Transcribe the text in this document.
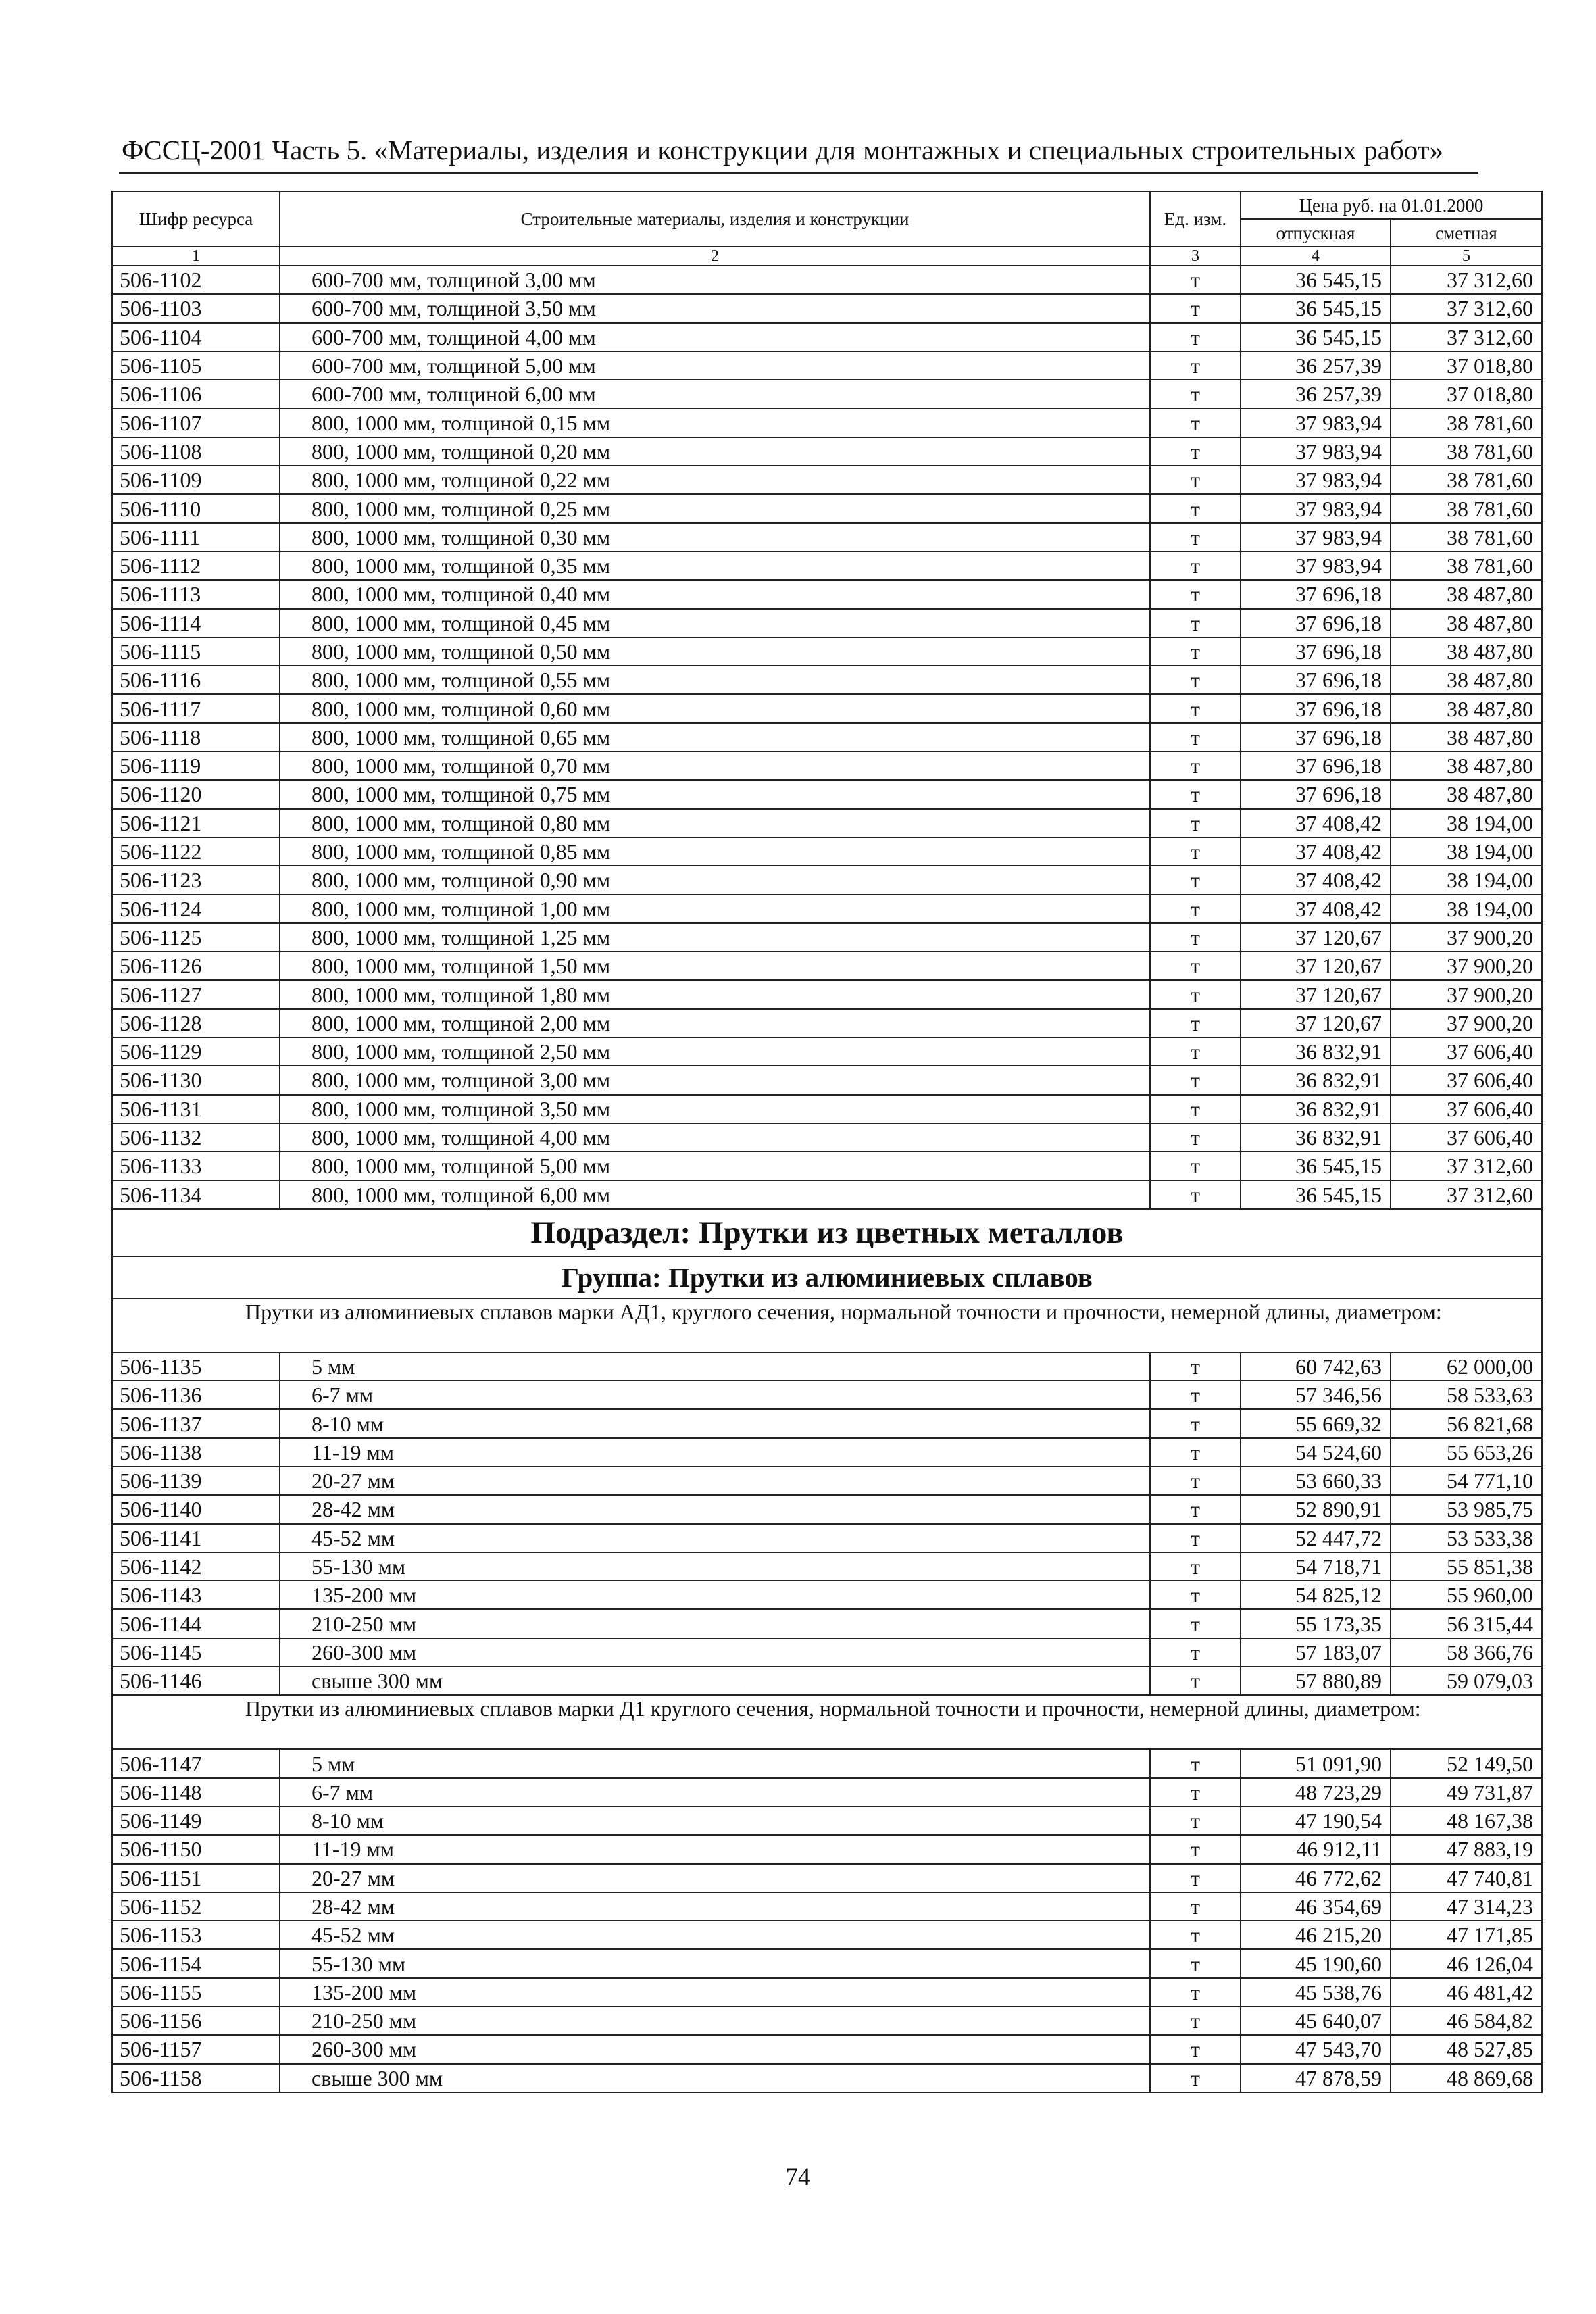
ФССЦ-2001 Часть 5. «Материалы, изделия и конструкции для монтажных и специальных строительных работ»
Шифр ресурса	Строительные материалы, изделия и конструкции	Ед. изм.	Цена руб. на 01.01.2000	
			отпускная	сметная
1	2	3	4	5
506-1102	600-700 мм, толщиной 3,00 мм	т	36 545,15	37 312,60
506-1103	600-700 мм, толщиной 3,50 мм	т	36 545,15	37 312,60
506-1104	600-700 мм, толщиной 4,00 мм	т	36 545,15	37 312,60
506-1105	600-700 мм, толщиной 5,00 мм	т	36 257,39	37 018,80
506-1106	600-700 мм, толщиной 6,00 мм	т	36 257,39	37 018,80
506-1107	800, 1000 мм, толщиной 0,15 мм	т	37 983,94	38 781,60
506-1108	800, 1000 мм, толщиной 0,20 мм	т	37 983,94	38 781,60
506-1109	800, 1000 мм, толщиной 0,22 мм	т	37 983,94	38 781,60
506-1110	800, 1000 мм, толщиной 0,25 мм	т	37 983,94	38 781,60
506-1111	800, 1000 мм, толщиной 0,30 мм	т	37 983,94	38 781,60
506-1112	800, 1000 мм, толщиной 0,35 мм	т	37 983,94	38 781,60
506-1113	800, 1000 мм, толщиной 0,40 мм	т	37 696,18	38 487,80
506-1114	800, 1000 мм, толщиной 0,45 мм	т	37 696,18	38 487,80
506-1115	800, 1000 мм, толщиной 0,50 мм	т	37 696,18	38 487,80
506-1116	800, 1000 мм, толщиной 0,55 мм	т	37 696,18	38 487,80
506-1117	800, 1000 мм, толщиной 0,60 мм	т	37 696,18	38 487,80
506-1118	800, 1000 мм, толщиной 0,65 мм	т	37 696,18	38 487,80
506-1119	800, 1000 мм, толщиной 0,70 мм	т	37 696,18	38 487,80
506-1120	800, 1000 мм, толщиной 0,75 мм	т	37 696,18	38 487,80
506-1121	800, 1000 мм, толщиной 0,80 мм	т	37 408,42	38 194,00
506-1122	800, 1000 мм, толщиной 0,85 мм	т	37 408,42	38 194,00
506-1123	800, 1000 мм, толщиной 0,90 мм	т	37 408,42	38 194,00
506-1124	800, 1000 мм, толщиной 1,00 мм	т	37 408,42	38 194,00
506-1125	800, 1000 мм, толщиной 1,25 мм	т	37 120,67	37 900,20
506-1126	800, 1000 мм, толщиной 1,50 мм	т	37 120,67	37 900,20
506-1127	800, 1000 мм, толщиной 1,80 мм	т	37 120,67	37 900,20
506-1128	800, 1000 мм, толщиной 2,00 мм	т	37 120,67	37 900,20
506-1129	800, 1000 мм, толщиной 2,50 мм	т	36 832,91	37 606,40
506-1130	800, 1000 мм, толщиной 3,00 мм	т	36 832,91	37 606,40
506-1131	800, 1000 мм, толщиной 3,50 мм	т	36 832,91	37 606,40
506-1132	800, 1000 мм, толщиной 4,00 мм	т	36 832,91	37 606,40
506-1133	800, 1000 мм, толщиной 5,00 мм	т	36 545,15	37 312,60
506-1134	800, 1000 мм, толщиной 6,00 мм	т	36 545,15	37 312,60
Подраздел: Прутки из цветных металлов				
Группа: Прутки из алюминиевых сплавов				
Прутки из алюминиевых сплавов марки АД1, круглого сечения, нормальной точности и прочности, немерной длины, диаметром:				
506-1135	5 мм	т	60 742,63	62 000,00
506-1136	6-7 мм	т	57 346,56	58 533,63
506-1137	8-10 мм	т	55 669,32	56 821,68
506-1138	11-19 мм	т	54 524,60	55 653,26
506-1139	20-27 мм	т	53 660,33	54 771,10
506-1140	28-42 мм	т	52 890,91	53 985,75
506-1141	45-52 мм	т	52 447,72	53 533,38
506-1142	55-130 мм	т	54 718,71	55 851,38
506-1143	135-200 мм	т	54 825,12	55 960,00
506-1144	210-250 мм	т	55 173,35	56 315,44
506-1145	260-300 мм	т	57 183,07	58 366,76
506-1146	свыше 300 мм	т	57 880,89	59 079,03
Прутки из алюминиевых сплавов марки Д1 круглого сечения, нормальной точности и прочности, немерной длины, диаметром:				
506-1147	5 мм	т	51 091,90	52 149,50
506-1148	6-7 мм	т	48 723,29	49 731,87
506-1149	8-10 мм	т	47 190,54	48 167,38
506-1150	11-19 мм	т	46 912,11	47 883,19
506-1151	20-27 мм	т	46 772,62	47 740,81
506-1152	28-42 мм	т	46 354,69	47 314,23
506-1153	45-52 мм	т	46 215,20	47 171,85
506-1154	55-130 мм	т	45 190,60	46 126,04
506-1155	135-200 мм	т	45 538,76	46 481,42
506-1156	210-250 мм	т	45 640,07	46 584,82
506-1157	260-300 мм	т	47 543,70	48 527,85
506-1158	свыше 300 мм	т	47 878,59	48 869,68
74
